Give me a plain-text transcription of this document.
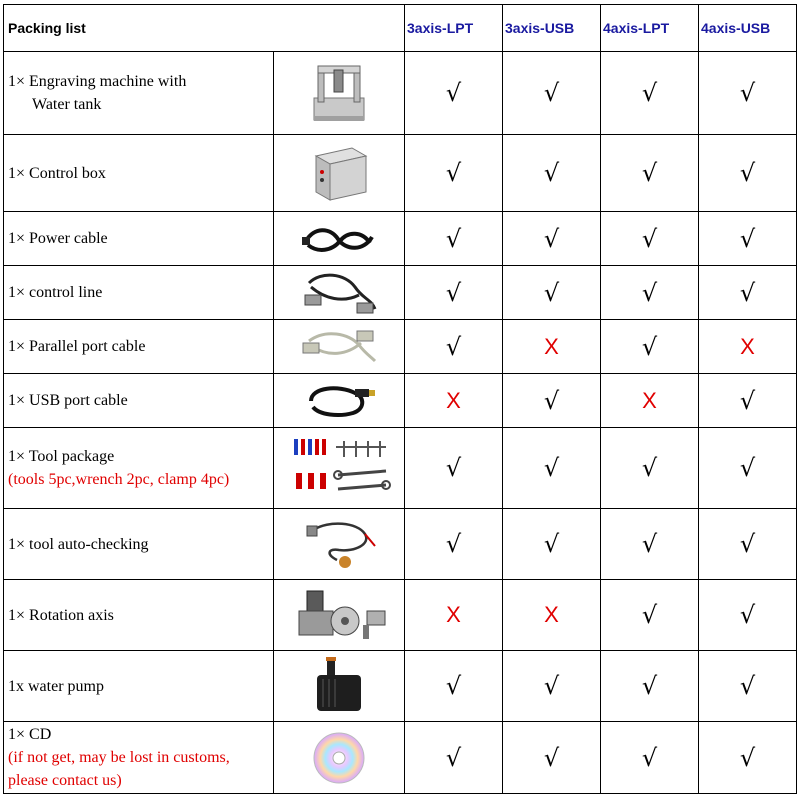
Packing list		3axis-LPT	3axis-USB	4axis-LPT	4axis-USB

1× Engraving machine with
Water tank		√	√	√	√

1× Control box		√	√	√	√

1× Power cable		√	√	√	√

1× control line		√	√	√	√

1× Parallel port cable		√	X	√	X

1× USB port cable		X	√	X	√

1× Tool package
(tools 5pc,wrench 2pc, clamp 4pc)		√	√	√	√

1× tool auto-checking		√	√	√	√

1× Rotation axis		X	X	√	√

1x water pump		√	√	√	√

1× CD
(if not get, may be lost in customs, please contact us)		√	√	√	√
